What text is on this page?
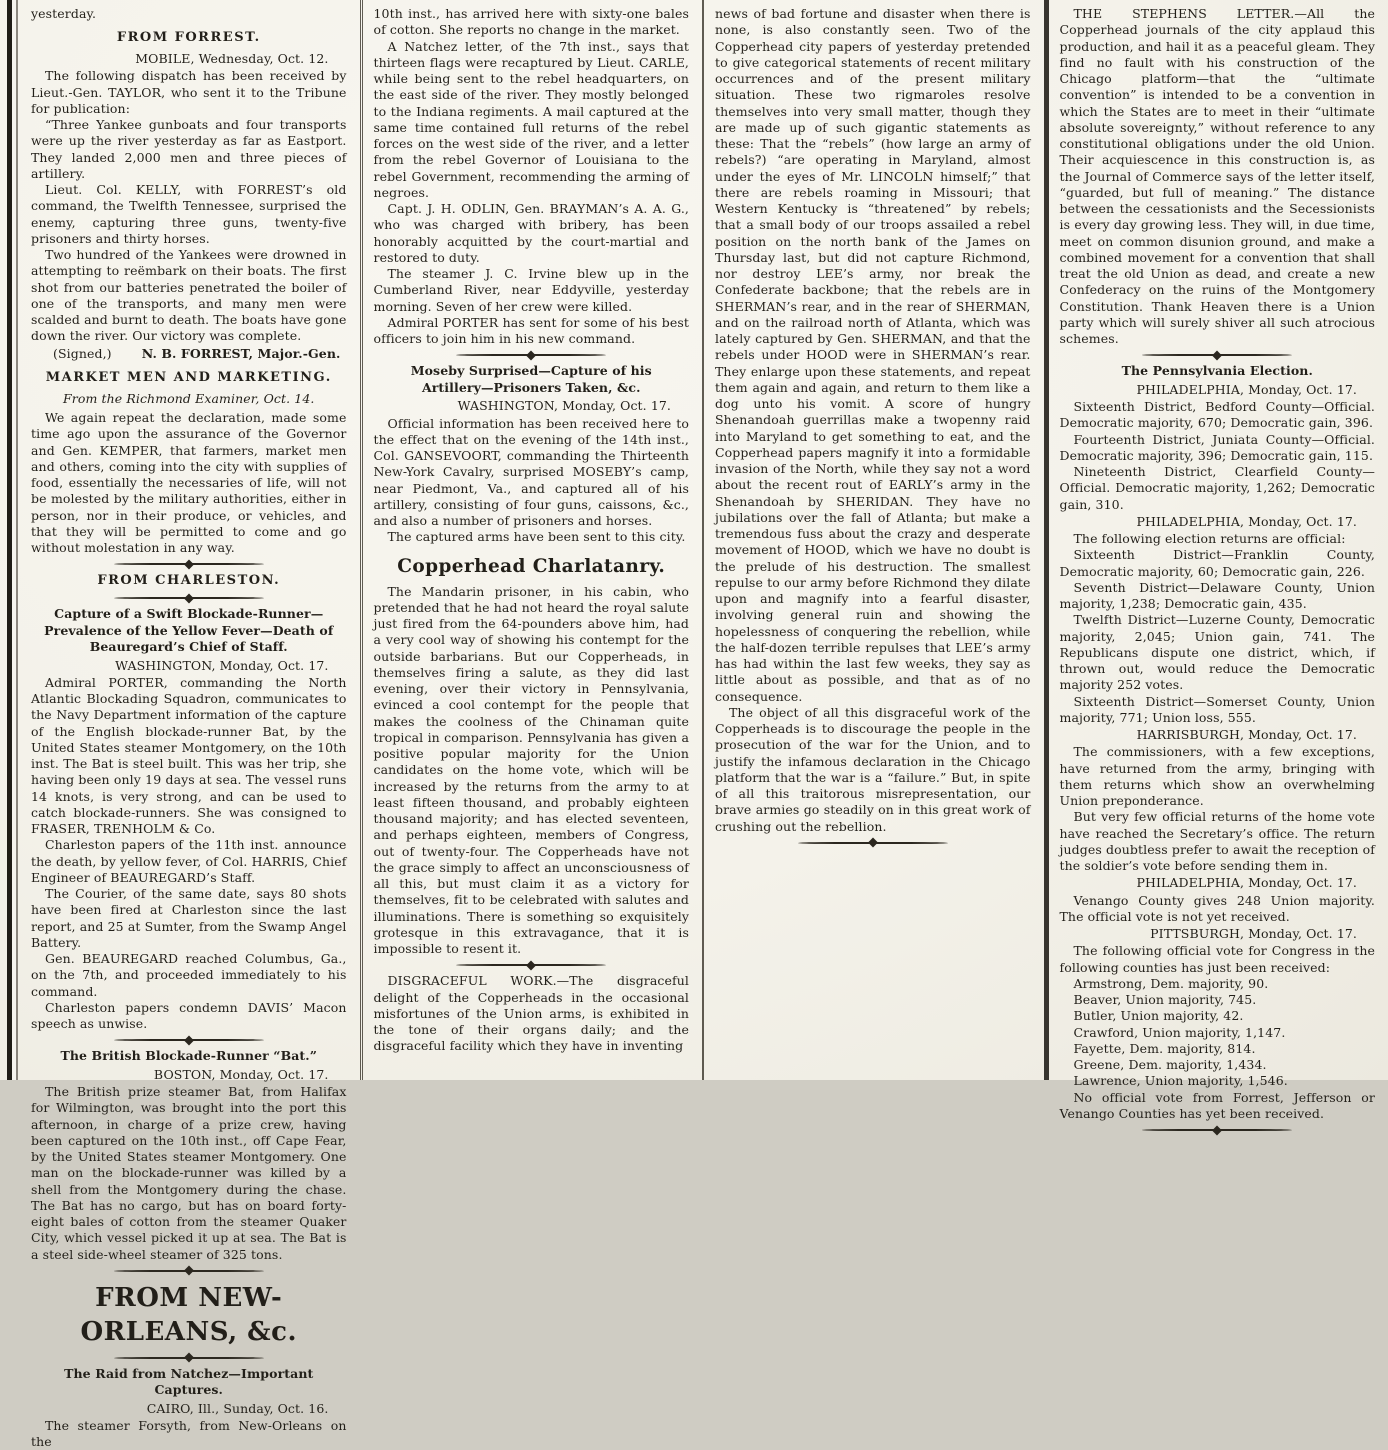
yesterday.
FROM FORREST.
MOBILE, Wednesday, Oct. 12.
The following dispatch has been received by Lieut.-Gen. TAYLOR, who sent it to the Tribune for publication:
“Three Yankee gunboats and four transports were up the river yesterday as far as Eastport. They landed 2,000 men and three pieces of artillery.
Lieut. Col. KELLY, with FORREST’s old command, the Twelfth Tennessee, surprised the enemy, capturing three guns, twenty-five prisoners and thirty horses.
Two hundred of the Yankees were drowned in attempting to reëmbark on their boats. The first shot from our batteries penetrated the boiler of one of the transports, and many men were scalded and burnt to death. The boats have gone down the river. Our victory was complete.
(Signed,) N. B. FORREST, Major.-Gen.
MARKET MEN AND MARKETING.
From the Richmond Examiner, Oct. 14.
We again repeat the declaration, made some time ago upon the assurance of the Governor and Gen. KEMPER, that farmers, market men and others, coming into the city with supplies of food, essentially the necessaries of life, will not be molested by the military authorities, either in person, nor in their produce, or vehicles, and that they will be permitted to come and go without molestation in any way.
FROM CHARLESTON.
Capture of a Swift Blockade-Runner—Prevalence of the Yellow Fever—Death of Beauregard’s Chief of Staff.
WASHINGTON, Monday, Oct. 17.
Admiral PORTER, commanding the North Atlantic Blockading Squadron, communicates to the Navy Department information of the capture of the English blockade-runner Bat, by the United States steamer Montgomery, on the 10th inst. The Bat is steel built. This was her trip, she having been only 19 days at sea. The vessel runs 14 knots, is very strong, and can be used to catch blockade-runners. She was consigned to FRASER, TRENHOLM & Co.
Charleston papers of the 11th inst. announce the death, by yellow fever, of Col. HARRIS, Chief Engineer of BEAUREGARD’s Staff.
The Courier, of the same date, says 80 shots have been fired at Charleston since the last report, and 25 at Sumter, from the Swamp Angel Battery.
Gen. BEAUREGARD reached Columbus, Ga., on the 7th, and proceeded immediately to his command.
Charleston papers condemn DAVIS’ Macon speech as unwise.
The British Blockade-Runner “Bat.”
BOSTON, Monday, Oct. 17.
The British prize steamer Bat, from Halifax for Wilmington, was brought into the port this afternoon, in charge of a prize crew, having been captured on the 10th inst., off Cape Fear, by the United States steamer Montgomery. One man on the blockade-runner was killed by a shell from the Montgomery during the chase. The Bat has no cargo, but has on board forty-eight bales of cotton from the steamer Quaker City, which vessel picked it up at sea. The Bat is a steel side-wheel steamer of 325 tons.
FROM NEW-ORLEANS, &c.
The Raid from Natchez—Important Captures.
CAIRO, Ill., Sunday, Oct. 16.
The steamer Forsyth, from New-Orleans on the
10th inst., has arrived here with sixty-one bales of cotton. She reports no change in the market.
A Natchez letter, of the 7th inst., says that thirteen flags were recaptured by Lieut. CARLE, while being sent to the rebel headquarters, on the east side of the river. They mostly belonged to the Indiana regiments. A mail captured at the same time contained full returns of the rebel forces on the west side of the river, and a letter from the rebel Governor of Louisiana to the rebel Government, recommending the arming of negroes.
Capt. J. H. ODLIN, Gen. BRAYMAN’s A. A. G., who was charged with bribery, has been honorably acquitted by the court-martial and restored to duty.
The steamer J. C. Irvine blew up in the Cumberland River, near Eddyville, yesterday morning. Seven of her crew were killed.
Admiral PORTER has sent for some of his best officers to join him in his new command.
Moseby Surprised—Capture of his Artillery—Prisoners Taken, &c.
WASHINGTON, Monday, Oct. 17.
Official information has been received here to the effect that on the evening of the 14th inst., Col. GANSEVOORT, commanding the Thirteenth New-York Cavalry, surprised MOSEBY’s camp, near Piedmont, Va., and captured all of his artillery, consisting of four guns, caissons, &c., and also a number of prisoners and horses.
The captured arms have been sent to this city.
Copperhead Charlatanry.
The Mandarin prisoner, in his cabin, who pretended that he had not heard the royal salute just fired from the 64-pounders above him, had a very cool way of showing his contempt for the outside barbarians. But our Copperheads, in themselves firing a salute, as they did last evening, over their victory in Pennsylvania, evinced a cool contempt for the people that makes the coolness of the Chinaman quite tropical in comparison. Pennsylvania has given a positive popular majority for the Union candidates on the home vote, which will be increased by the returns from the army to at least fifteen thousand, and probably eighteen thousand majority; and has elected seventeen, and perhaps eighteen, members of Congress, out of twenty-four. The Copperheads have not the grace simply to affect an unconsciousness of all this, but must claim it as a victory for themselves, fit to be celebrated with salutes and illuminations. There is something so exquisitely grotesque in this extravagance, that it is impossible to resent it.
DISGRACEFUL WORK.—The disgraceful delight of the Copperheads in the occasional misfortunes of the Union arms, is exhibited in the tone of their organs daily; and the disgraceful facility which they have in inventing
news of bad fortune and disaster when there is none, is also constantly seen. Two of the Copperhead city papers of yesterday pretended to give categorical statements of recent military occurrences and of the present military situation. These two rigmaroles resolve themselves into very small matter, though they are made up of such gigantic statements as these: That the “rebels” (how large an army of rebels?) “are operating in Maryland, almost under the eyes of Mr. LINCOLN himself;” that there are rebels roaming in Missouri; that Western Kentucky is “threatened” by rebels; that a small body of our troops assailed a rebel position on the north bank of the James on Thursday last, but did not capture Richmond, nor destroy LEE’s army, nor break the Confederate backbone; that the rebels are in SHERMAN’s rear, and in the rear of SHERMAN, and on the railroad north of Atlanta, which was lately captured by Gen. SHERMAN, and that the rebels under HOOD were in SHERMAN’s rear. They enlarge upon these statements, and repeat them again and again, and return to them like a dog unto his vomit. A score of hungry Shenandoah guerrillas make a twopenny raid into Maryland to get something to eat, and the Copperhead papers magnify it into a formidable invasion of the North, while they say not a word about the recent rout of EARLY’s army in the Shenandoah by SHERIDAN. They have no jubilations over the fall of Atlanta; but make a tremendous fuss about the crazy and desperate movement of HOOD, which we have no doubt is the prelude of his destruction. The smallest repulse to our army before Richmond they dilate upon and magnify into a fearful disaster, involving general ruin and showing the hopelessness of conquering the rebellion, while the half-dozen terrible repulses that LEE’s army has had within the last few weeks, they say as little about as possible, and that as of no consequence.
The object of all this disgraceful work of the Copperheads is to discourage the people in the prosecution of the war for the Union, and to justify the infamous declaration in the Chicago platform that the war is a “failure.” But, in spite of all this traitorous misrepresentation, our brave armies go steadily on in this great work of crushing out the rebellion.
THE STEPHENS LETTER.—All the Copperhead journals of the city applaud this production, and hail it as a peaceful gleam. They find no fault with his construction of the Chicago platform—that the “ultimate convention” is intended to be a convention in which the States are to meet in their “ultimate absolute sovereignty,” without reference to any constitutional obligations under the old Union. Their acquiescence in this construction is, as the Journal of Commerce says of the letter itself, “guarded, but full of meaning.” The distance between the cessationists and the Secessionists is every day growing less. They will, in due time, meet on common disunion ground, and make a combined movement for a convention that shall treat the old Union as dead, and create a new Confederacy on the ruins of the Montgomery Constitution. Thank Heaven there is a Union party which will surely shiver all such atrocious schemes.
The Pennsylvania Election.
PHILADELPHIA, Monday, Oct. 17.
Sixteenth District, Bedford County—Official. Democratic majority, 670; Democratic gain, 396.
Fourteenth District, Juniata County—Official. Democratic majority, 396; Democratic gain, 115.
Nineteenth District, Clearfield County—Official. Democratic majority, 1,262; Democratic gain, 310.
PHILADELPHIA, Monday, Oct. 17.
The following election returns are official:
Sixteenth District—Franklin County, Democratic majority, 60; Democratic gain, 226.
Seventh District—Delaware County, Union majority, 1,238; Democratic gain, 435.
Twelfth District—Luzerne County, Democratic majority, 2,045; Union gain, 741. The Republicans dispute one district, which, if thrown out, would reduce the Democratic majority 252 votes.
Sixteenth District—Somerset County, Union majority, 771; Union loss, 555.
HARRISBURGH, Monday, Oct. 17.
The commissioners, with a few exceptions, have returned from the army, bringing with them returns which show an overwhelming Union preponderance.
But very few official returns of the home vote have reached the Secretary’s office. The return judges doubtless prefer to await the reception of the soldier’s vote before sending them in.
PHILADELPHIA, Monday, Oct. 17.
Venango County gives 248 Union majority. The official vote is not yet received.
PITTSBURGH, Monday, Oct. 17.
The following official vote for Congress in the following counties has just been received:
Armstrong, Dem. majority, 90.
Beaver, Union majority, 745.
Butler, Union majority, 42.
Crawford, Union majority, 1,147.
Fayette, Dem. majority, 814.
Greene, Dem. majority, 1,434.
Lawrence, Union majority, 1,546.
No official vote from Forrest, Jefferson or Venango Counties has yet been received.
